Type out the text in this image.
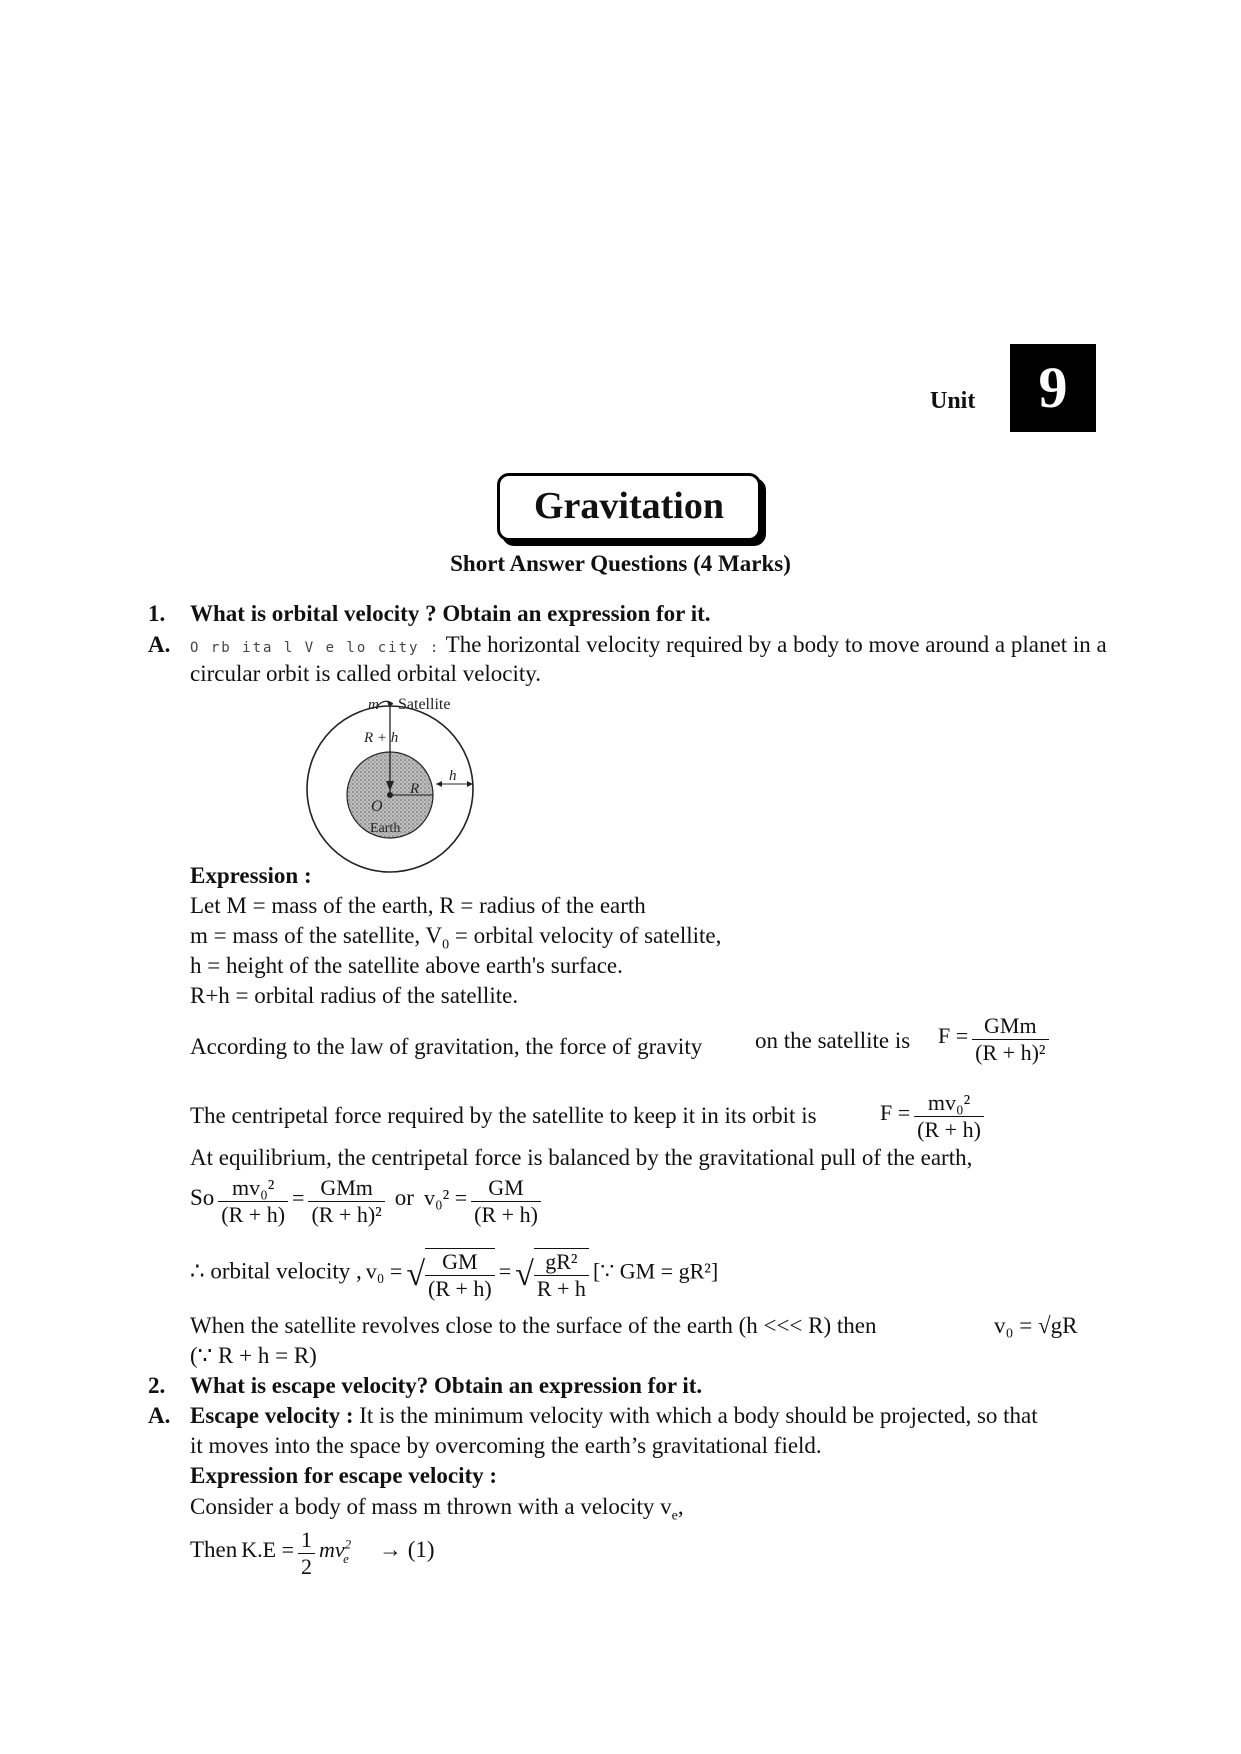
Unit	9
Gravitation
Short Answer Questions (4 Marks)
1. What is orbital velocity ? Obtain an expression for it.
A. O rb ita l V e lo city : The horizontal velocity required by a body to move around a planet in a
circular orbit is called orbital velocity.
m Satellite
R + h
R
h
O
Earth
Expression :
Let M = mass of the earth, R = radius of the earth
m = mass of the satellite, $V_0$ = orbital velocity of satellite,
h = height of the satellite above earth's surface.
R+h = orbital radius of the satellite.
According to the law of gravitation, the force of gravity on the satellite is $F = \frac{\text{GMm}}{\text{(R + h)²}}$
The centripetal force required by the satellite to keep it in its orbit is	$F = \frac{\text{mv₀²}}{(R + h)}$
At equilibrium, the centripetal force is balanced by the gravitational pull of the earth,
So $\frac{\text{mv₀²}}{(R + h)} = \frac{\text{GMm}}{\text{(R + h)²}}$ or $v_0^2 = \frac{GM}{(R + h)}$
∴ orbital velocity , v₀ = √ $\frac{GM}{(R + h)}$ = √ $\frac{\text{gR²}}{R + h}$ [∵ GM = gR²]
When the satellite revolves close to the surface of the earth (h <<< R) then	v₀ = √gR
(∵ R + h = R)
2. What is escape velocity? Obtain an expression for it.
A. Escape velocity : It is the minimum velocity with which a body should be projected, so that
it moves into the space by overcoming the earth’s gravitational field.
Expression for escape velocity :
Consider a body of mass m thrown with a velocity $v_e$,
Then $K.E = \frac{1}{2} mv^2_e \to (1)$
